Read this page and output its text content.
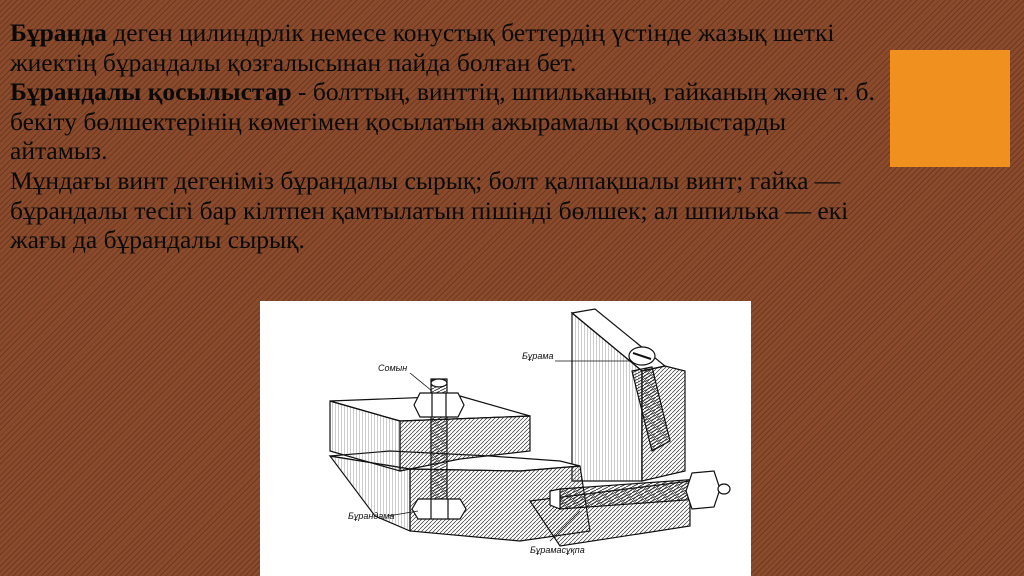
Бұранда деген цилиндрлік немесе конустық беттердің үстінде жазық шеткі жиектің бұрандалы қозғалысынан пайда болған бет.

Бұрандалы қосылыстар - болттың, винттің, шпильканың, гайканың және т. б. бекіту бөлшектерінің көмегімен қосылатын ажырамалы қосылыстарды айтамыз.

Мұндағы винт дегеніміз бұрандалы сырық; болт қалпақшалы винт; гайка — бұрандалы тесігі бар кілтпен қамтылатын пішінді бөлшек; ал шпилька — екі жағы да бұрандалы сырық.

Сомын
Бұрама
Бұрандама
Бұрамасұқпа
